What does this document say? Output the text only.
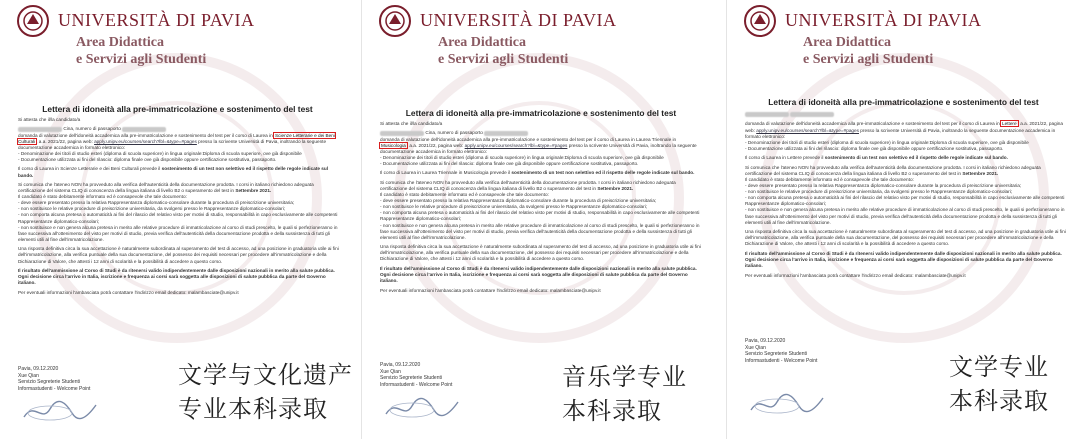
UNIVERSITÀ DI PAVIA
Area Didattica
e Servizi agli Studenti
Lettera di idoneità alla pre-immatricolazione e sostenimento del test

Si attesta che il/la candidato/a

Cina, numero di passaporto
domanda di valutazione dell'idoneità accademica alla pre-immatricolazione e sostenimento del test per il corso di Laurea in Scienze Letterarie e dei Beni Culturali, a.a. 2021/22, pagina web: apply.unipv.eu/courses/search?lbl=&type=#pages presso la scrivente Università di Pavia, inoltrando la seguente documentazione accademica in formato elettronico:
- Denominazione dei titoli di studio esteri (diploma di scuola superiore) in lingua originale:Diploma di scuola superiore, ove già disponibile
- Documentazione utilizzata ai fini del rilascio: diploma finale ove già disponibile oppure certificazione sostitutiva, passaporto.

Il corso di Laurea in Scienze Letterarie e dei Beni Culturali prevede il sostenimento di un test non selettivo ed il rispetto delle regole indicate sul bando.

Si comunica che l'ateneo NON ha provveduto alla verifica dell'autenticità della documentazione prodotta. I corsi in italiano richiedono adeguata certificazione del sistema CLIQ di conoscenza della lingua italiana di livello B2 o superamento del test in Settembre 2021.
Il candidato è stato debitamente informato ed è consapevole che tale documento:
- deve essere presentato presso la relativa Rappresentanza diplomatico-consolare durante la procedura di preiscrizione universitaria;
- non sostituisce le relative procedure di preiscrizione universitaria, da svolgersi presso le Rappresentanze diplomatico-consolari;
- non comporta alcuna pretesa o automaticità ai fini del rilascio del relativo visto per motivi di studio, responsabilità in capo esclusivamente alle competenti Rappresentanze diplomatico-consolari;
- non sostituisce e non genera alcuna pretesa in merito alle relative procedure di immatricolazione al corso di studi prescelto, le quali si perfezioneranno in fase successiva all'ottenimento del visto per motivi di studio, previa verifica dell'autenticità della documentazione prodotta e della sussistenza di tutti gli elementi utili al fine dell'immatricolazione.

Una risposta definitiva circa la sua accettazione è naturalmente subordinata al superamento del test di accesso, ad una posizione in graduatoria utile ai fini dell'immatricolazione, alla verifica puntuale della sua documentazione, del possesso dei requisiti necessari per procedere all'immatricolazione e della Dichiarazione di Valore, che attesti i 12 anni di scolarità e la possibilità di accedere a questo corso.

Il risultato dell'ammissione al Corso di Studi è da ritenersi valido indipendentemente dalle disposizioni nazionali in merito alla salute pubblica. Ogni decisione circa l'arrivo in Italia, iscrizione e frequenza ai corsi sarà soggetta alle disposizioni di salute pubblica da parte del Governo italiano.

Per eventuali informazioni l'ambasciata potrà contattare l'indirizzo email dedicato: malambasciate@unipv.it

Pavia, 09.12.2020
Xue Qian
Servizio Segreterie Studenti
Informastudenti - Welcome Point	文学与文化遗产
专业本科录取
UNIVERSITÀ DI PAVIA
Area Didattica
e Servizi agli Studenti
Lettera di idoneità alla pre-immatricolazione e sostenimento del test

Si attesta che il/la candidato/a

Cina, numero di passaporto
domanda di valutazione dell'idoneità accademica alla pre-immatricolazione e sostenimento del test per il corso di Laurea in Laurea Triennale in Musicologia, a.a. 2021/22, pagina web: apply.unipv.eu/courses/search?lbl=&type=#pages presso la scrivente Università di Pavia, inoltrando la seguente documentazione accademica in formato elettronico:
- Denominazione dei titoli di studio esteri (diploma di scuola superiore) in lingua originale:Diploma di scuola superiore, ove già disponibile
- Documentazione utilizzata ai fini del rilascio: diploma finale ove già disponibile oppure certificazione sostitutiva, passaporto.

Il corso di Laurea in Laurea Triennale in Musicologia prevede il sostenimento di un test non selettivo ed il rispetto delle regole indicate sul bando.

Si comunica che l'ateneo NON ha provveduto alla verifica dell'autenticità della documentazione prodotta. I corsi in italiano richiedono adeguata certificazione del sistema CLIQ di conoscenza della lingua italiana di livello B2 o superamento del test in Settembre 2021.
Il candidato è stato debitamente informato ed è consapevole che tale documento:
- deve essere presentato presso la relativa Rappresentanza diplomatico-consolare durante la procedura di preiscrizione universitaria;
- non sostituisce le relative procedure di preiscrizione universitaria, da svolgersi presso le Rappresentanze diplomatico-consolari;
- non comporta alcuna pretesa o automaticità ai fini del rilascio del relativo visto per motivi di studio, responsabilità in capo esclusivamente alle competenti Rappresentanze diplomatico-consolari;
- non sostituisce e non genera alcuna pretesa in merito alle relative procedure di immatricolazione al corso di studi prescelto, le quali si perfezioneranno in fase successiva all'ottenimento del visto per motivi di studio, previa verifica dell'autenticità della documentazione prodotta e della sussistenza di tutti gli elementi utili al fine dell'immatricolazione.

Una risposta definitiva circa la sua accettazione è naturalmente subordinata al superamento del test di accesso, ad una posizione in graduatoria utile ai fini dell'immatricolazione, alla verifica puntuale della sua documentazione, del possesso dei requisiti necessari per procedere all'immatricolazione e della Dichiarazione di Valore, che attesti i 12 anni di scolarità e la possibilità di accedere a questo corso.

Il risultato dell'ammissione al Corso di Studi è da ritenersi valido indipendentemente dalle disposizioni nazionali in merito alla salute pubblica. Ogni decisione circa l'arrivo in Italia, iscrizione e frequenza ai corsi sarà soggetta alle disposizioni di salute pubblica da parte del Governo italiano.

Per eventuali informazioni l'ambasciata potrà contattare l'indirizzo email dedicato: malambasciate@unipv.it

Pavia, 09.12.2020
Xue Qian
Servizio Segreterie Studenti
Informastudenti - Welcome Point	音乐学专业
本科录取
UNIVERSITÀ DI PAVIA
Area Didattica
e Servizi agli Studenti
Lettera di idoneità alla pre-immatricolazione e sostenimento del test

domanda di valutazione dell'idoneità accademica alla pre-immatricolazione e sostenimento del test per il corso di Laurea in Lettere, a.a. 2021/22, pagina web: apply.unipv.eu/courses/search?lbl=&type=#pages presso la scrivente Università di Pavia, inoltrando la seguente documentazione accademica in formato elettronico:
- Denominazione dei titoli di studio esteri (diploma di scuola superiore) in lingua originale:Diploma di scuola superiore, ove già disponibile
- Documentazione utilizzata ai fini del rilascio: diploma finale ove già disponibile oppure certificazione sostitutiva, passaporto.

Il corso di Laurea in Lettere prevede il sostenimento di un test non selettivo ed il rispetto delle regole indicate sul bando.

Si comunica che l'ateneo NON ha provveduto alla verifica dell'autenticità della documentazione prodotta. I corsi in italiano richiedono adeguata certificazione del sistema CLIQ di conoscenza della lingua italiana di livello B2 o superamento del test in Settembre 2021.
Il candidato è stato debitamente informato ed è consapevole che tale documento:
- deve essere presentato presso la relativa Rappresentanza diplomatico-consolare durante la procedura di preiscrizione universitaria;
- non sostituisce le relative procedure di preiscrizione universitaria, da svolgersi presso le Rappresentanze diplomatico-consolari;
- non comporta alcuna pretesa o automaticità ai fini del rilascio del relativo visto per motivi di studio, responsabilità in capo esclusivamente alle competenti Rappresentanze diplomatico-consolari;
- non sostituisce e non genera alcuna pretesa in merito alle relative procedure di immatricolazione al corso di studi prescelto, le quali si perfezioneranno in fase successiva all'ottenimento del visto per motivi di studio, previa verifica dell'autenticità della documentazione prodotta e della sussistenza di tutti gli elementi utili al fine dell'immatricolazione.

Una risposta definitiva circa la sua accettazione è naturalmente subordinata al superamento del test di accesso, ad una posizione in graduatoria utile ai fini dell'immatricolazione, alla verifica puntuale della sua documentazione, del possesso dei requisiti necessari per procedere all'immatricolazione e della Dichiarazione di Valore, che attesti i 12 anni di scolarità e la possibilità di accedere a questo corso.

Il risultato dell'ammissione al Corso di Studi è da ritenersi valido indipendentemente dalle disposizioni nazionali in merito alla salute pubblica. Ogni decisione circa l'arrivo in Italia, iscrizione e frequenza ai corsi sarà soggetta alle disposizioni di salute pubblica da parte del Governo italiano.

Per eventuali informazioni l'ambasciata potrà contattare l'indirizzo email dedicato: malambasciate@unipv.it

Pavia, 09.12.2020
Xue Qian
Servizio Segreterie Studenti
Informastudenti - Welcome Point	文学专业
本科录取
